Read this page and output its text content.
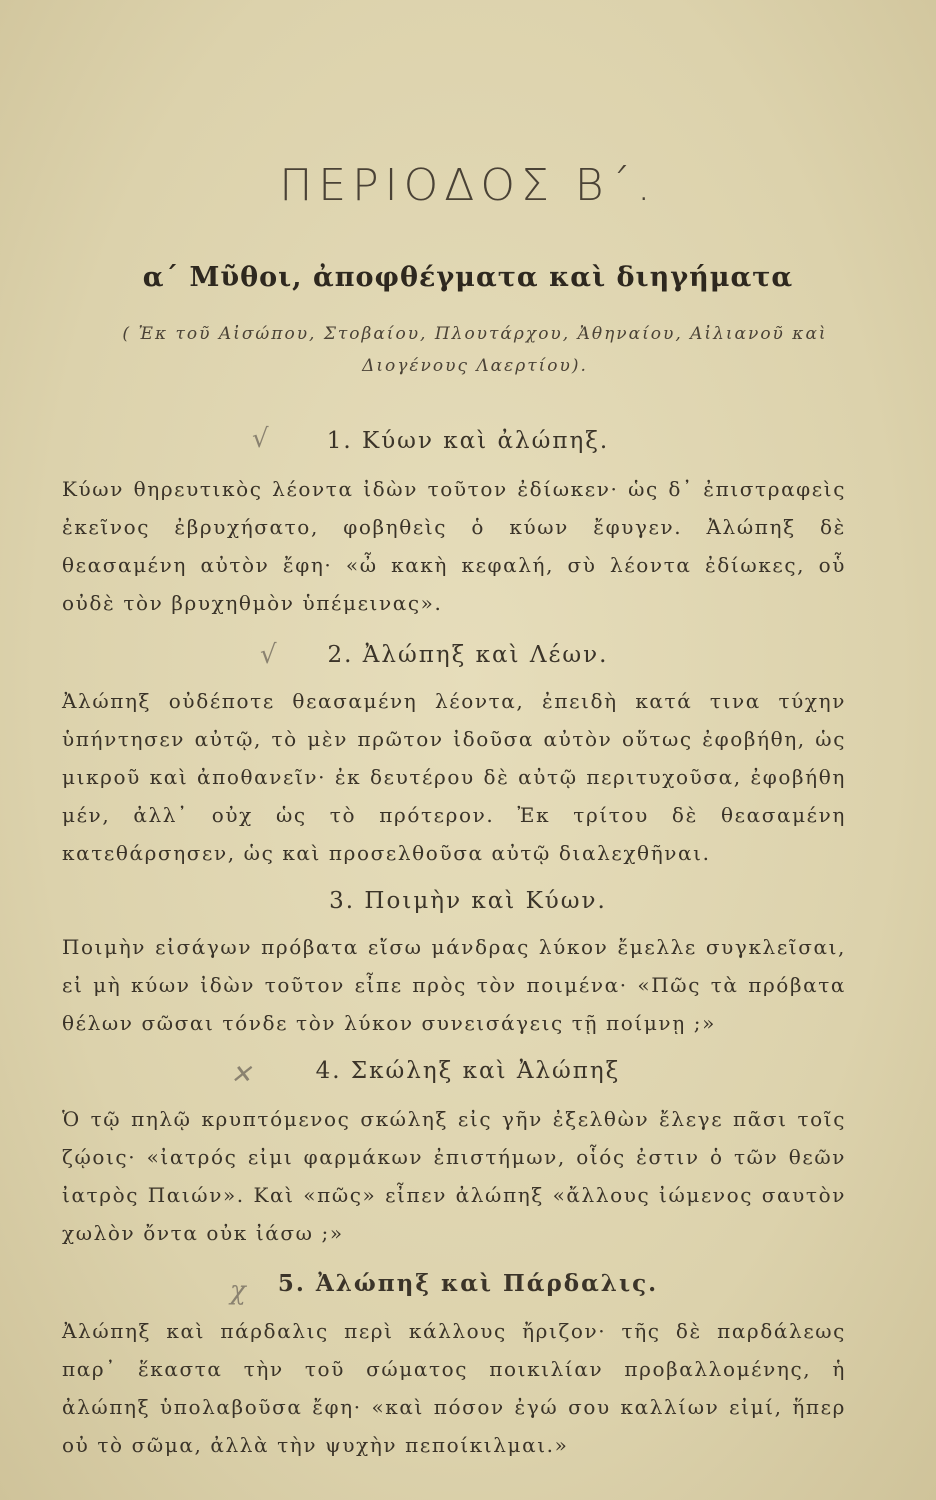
ΠΕΡΙΟΔΟΣ Β΄.
α΄ Μῦθοι, ἀποφθέγματα καὶ διηγήματα
( Ἐκ τοῦ Αἰσώπου, Στοβαίου, Πλουτάρχου, Ἀθηναίου, Αἰλιανοῦ καὶ Διογένους Λαερτίου).
√	1. Κύων καὶ ἀλώπηξ.
Κύων θηρευτικὸς λέοντα ἰδὼν τοῦτον ἐδίωκεν· ὡς δ᾿ ἐπιστραφεὶς ἐκεῖνος ἐβρυχήσατο, φοβηθεὶς ὁ κύων ἔφυγεν. Ἀλώπηξ δὲ θεασαμένη αὐτὸν ἔφη· «ὦ κακὴ κεφαλή, σὺ λέοντα ἐδίωκες, οὗ οὐδὲ τὸν βρυχηθμὸν ὑπέμεινας».
√	2. Ἀλώπηξ καὶ Λέων.
Ἀλώπηξ οὐδέποτε θεασαμένη λέοντα, ἐπειδὴ κατά τινα τύχην ὑπήντησεν αὐτῷ, τὸ μὲν πρῶτον ἰδοῦσα αὐτὸν οὕτως ἐφοβήθη, ὡς μικροῦ καὶ ἀποθανεῖν· ἐκ δευτέρου δὲ αὐτῷ περιτυχοῦσα, ἐφοβήθη μέν, ἀλλ᾿ οὐχ ὡς τὸ πρότερον. Ἐκ τρίτου δὲ θεασαμένη κατεθάρσησεν, ὡς καὶ προσελθοῦσα αὐτῷ διαλεχθῆναι.
3. Ποιμὴν καὶ Κύων.
Ποιμὴν εἰσάγων πρόβατα εἴσω μάνδρας λύκον ἔμελλε συγκλεῖσαι, εἰ μὴ κύων ἰδὼν τοῦτον εἶπε πρὸς τὸν ποιμένα· «Πῶς τὰ πρόβατα θέλων σῶσαι τόνδε τὸν λύκον συνεισάγεις τῇ ποίμνῃ ;»
✕	4. Σκώληξ καὶ Ἀλώπηξ
Ὁ τῷ πηλῷ κρυπτόμενος σκώληξ εἰς γῆν ἐξελθὼν ἔλεγε πᾶσι τοῖς ζῴοις· «ἰατρός εἰμι φαρμάκων ἐπιστήμων, οἷός ἐστιν ὁ τῶν θεῶν ἰατρὸς Παιών». Καὶ «πῶς» εἶπεν ἀλώπηξ «ἄλλους ἰώμενος σαυτὸν χωλὸν ὄντα οὐκ ἰάσω ;»
χ	5. Ἀλώπηξ καὶ Πάρδαλις.
Ἀλώπηξ καὶ πάρδαλις περὶ κάλλους ἤριζον· τῆς δὲ παρδάλεως παρ᾿ ἕκαστα τὴν τοῦ σώματος ποικιλίαν προβαλλομένης, ἡ ἀλώπηξ ὑπολαβοῦσα ἔφη· «καὶ πόσον ἐγώ σου καλλίων εἰμί, ἥπερ οὐ τὸ σῶμα, ἀλλὰ τὴν ψυχὴν πεποίκιλμαι.»
